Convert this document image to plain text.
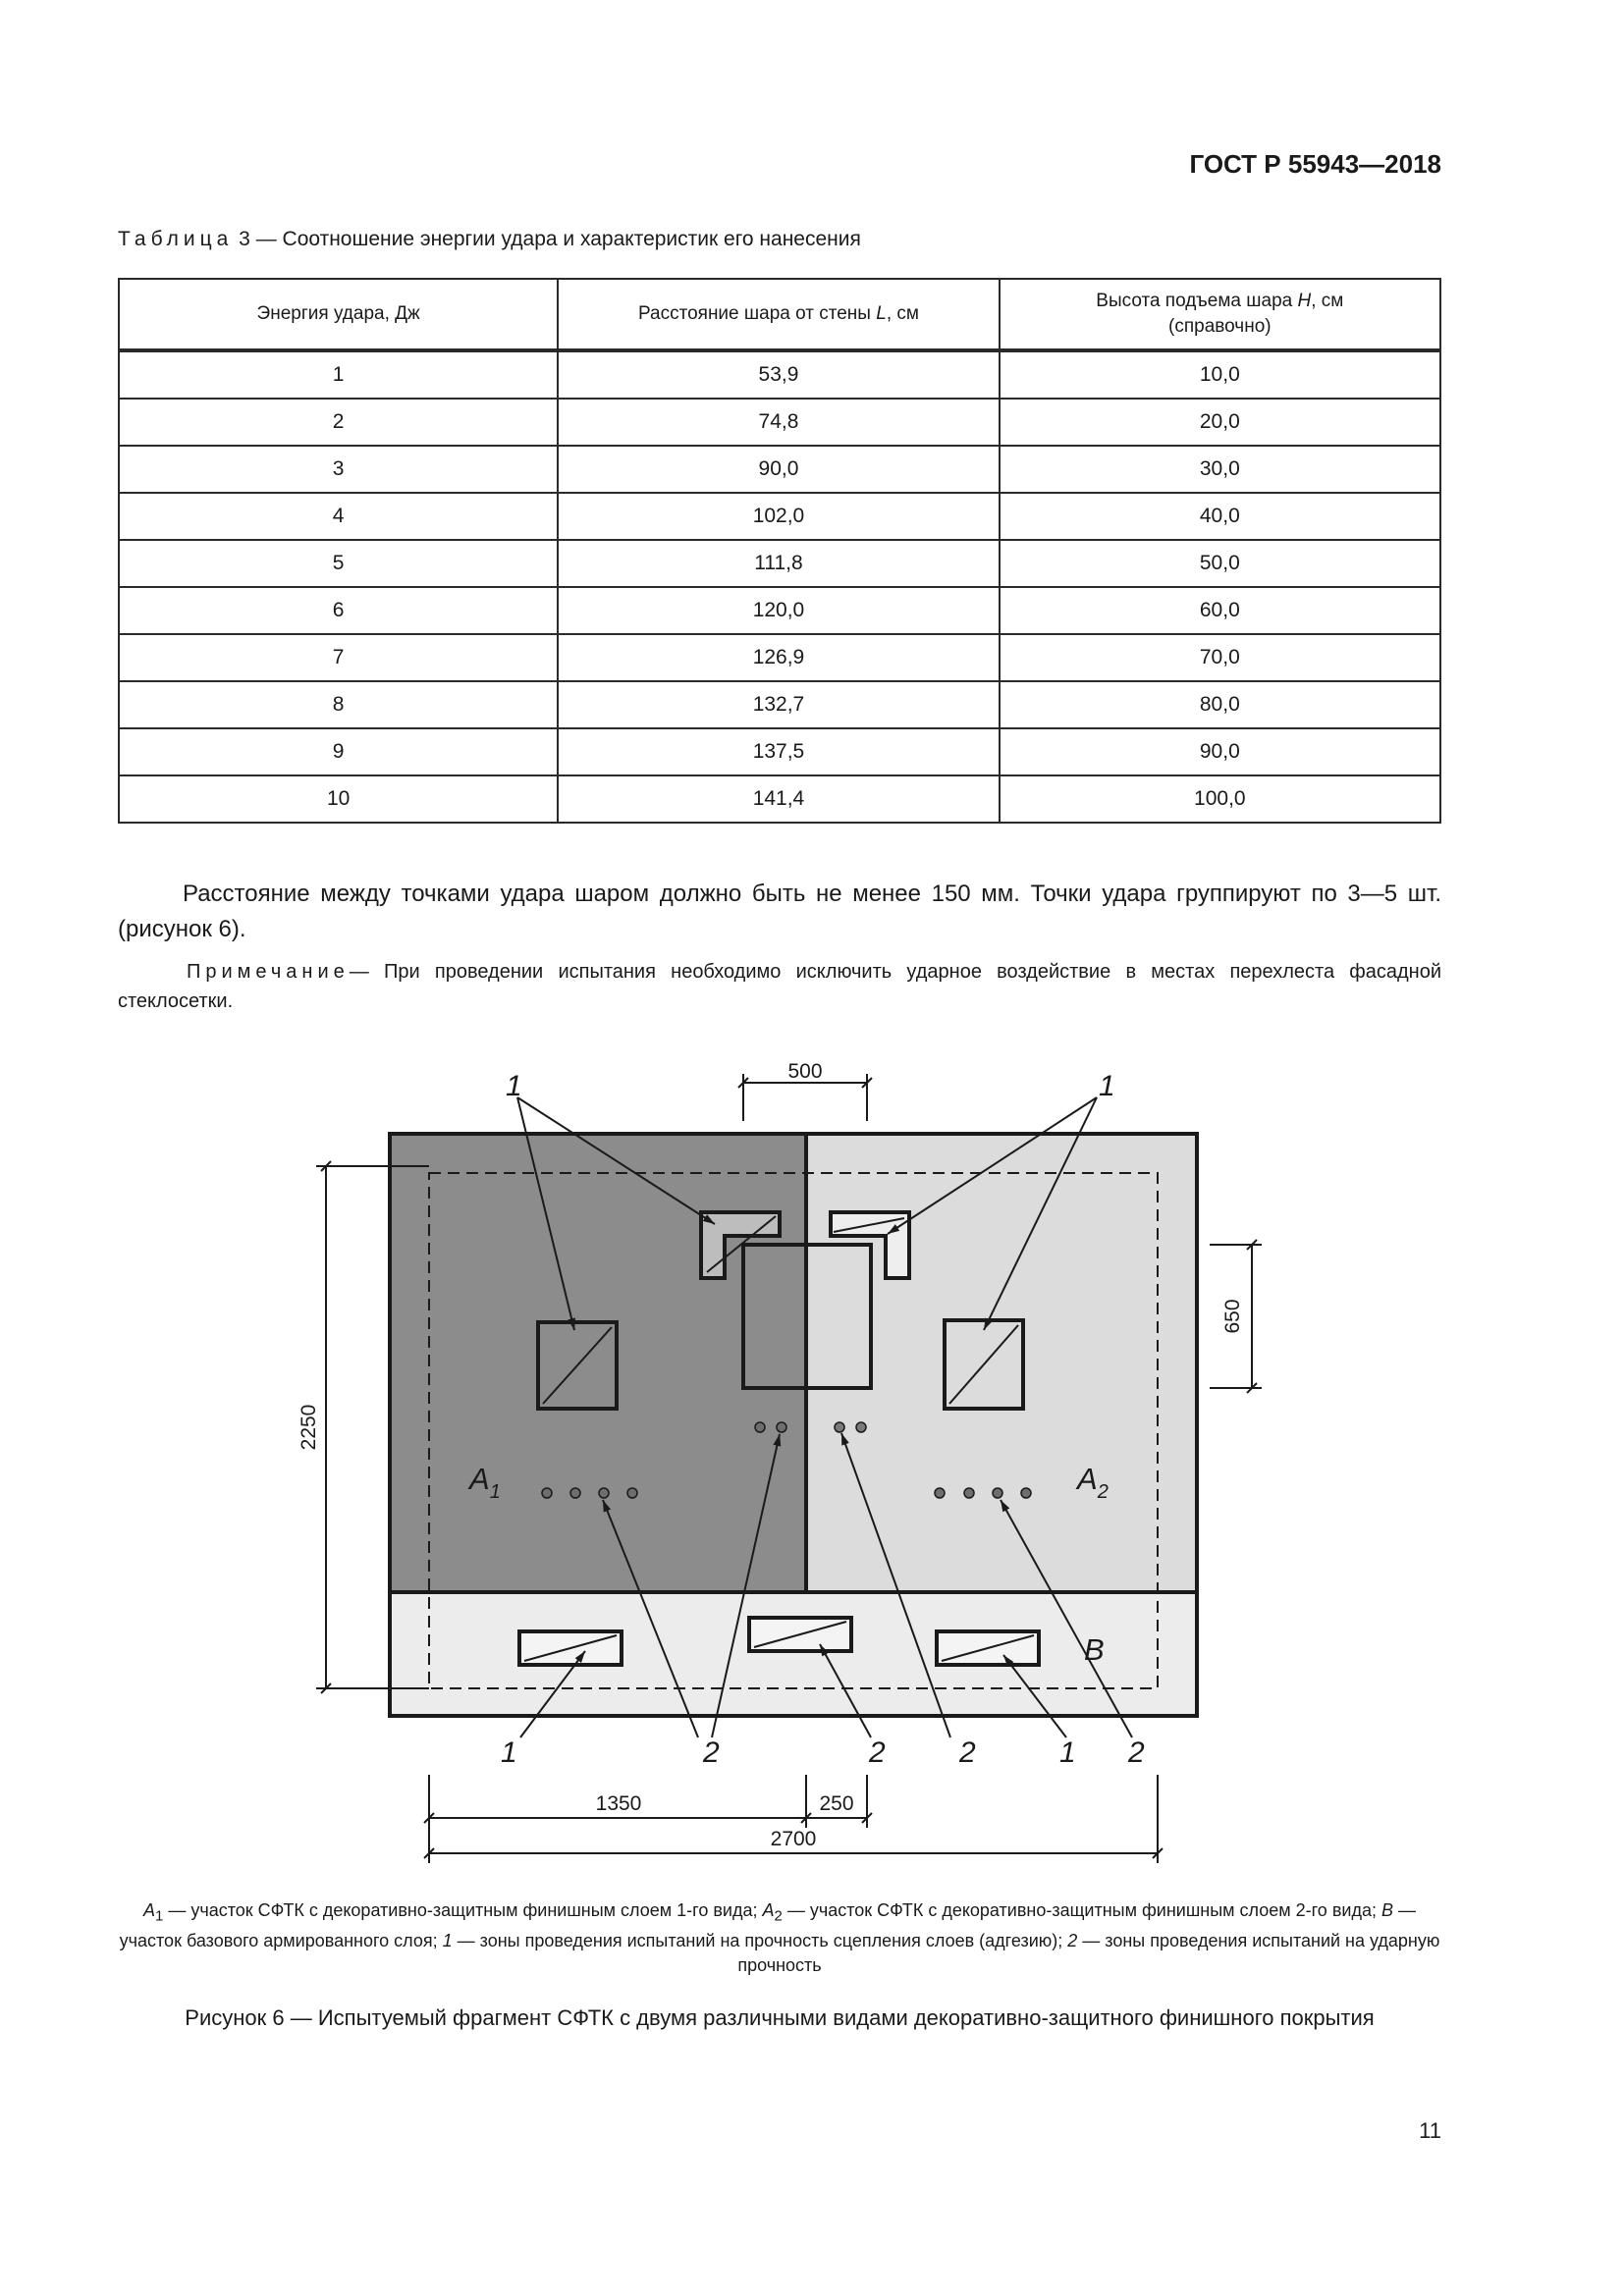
ГОСТ Р 55943—2018
Таблица 3 — Соотношение энергии удара и характеристик его нанесения
Энергия удара, Дж	Расстояние шара от стены L, см	Высота подъема шара H, см
(справочно)
1	53,9	10,0
2	74,8	20,0
3	90,0	30,0
4	102,0	40,0
5	111,8	50,0
6	120,0	60,0
7	126,9	70,0
8	132,7	80,0
9	137,5	90,0
10	141,4	100,0
Расстояние между точками удара шаром должно быть не менее 150 мм. Точки удара группируют по 3—5 шт. (рисунок 6).
Примечание— При проведении испытания необходимо исключить ударное воздействие в местах перехлеста фасадной стеклосетки.
$A_1$	$A_2$
B
500
650
2250
1350	250
2700
1	1
1	2	2	2	1 2
$A_1$ — участок СФТК с декоративно-защитным финишным слоем 1-го вида; $A_2$ — участок СФТК с декоративно-защитным финишным слоем 2-го вида; B — участок базового армированного слоя; 1 — зоны проведения испытаний на прочность сцепления слоев (адгезию); 2 — зоны проведения испытаний на ударную прочность
Рисунок 6 — Испытуемый фрагмент СФТК с двумя различными видами декоративно-защитного финишного покрытия
11
